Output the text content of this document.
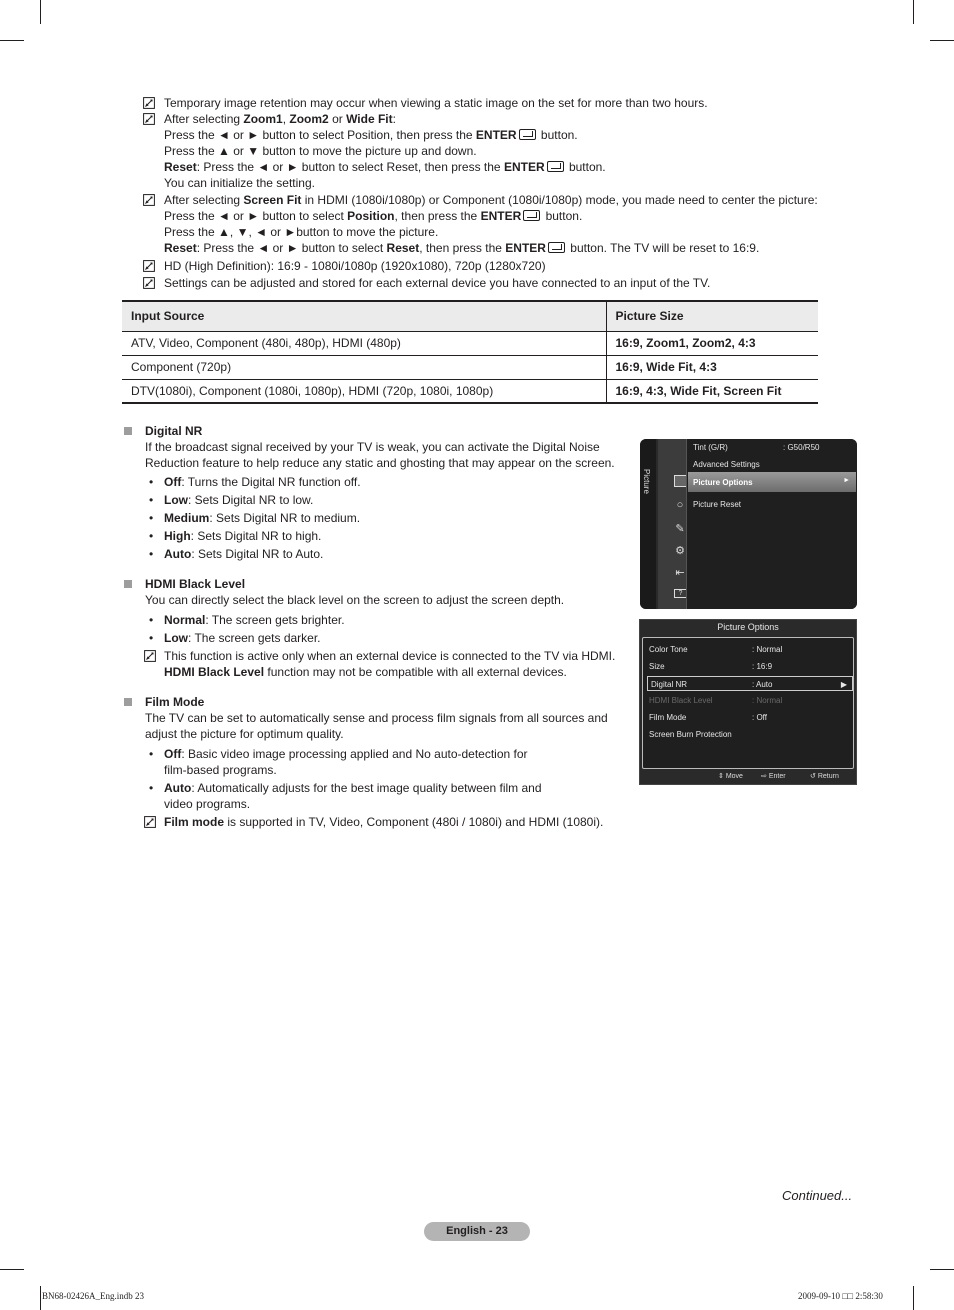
Temporary image retention may occur when viewing a static image on the set for more than two hours.
After selecting Zoom1, Zoom2 or Wide Fit:
Press the ◄ or ► button to select Position, then press the ENTER button.
Press the ▲ or ▼ button to move the picture up and down.
Reset: Press the ◄ or ► button to select Reset, then press the ENTER button.
You can initialize the setting.
After selecting Screen Fit in HDMI (1080i/1080p) or Component (1080i/1080p) mode, you made need to center the picture:
Press the ◄ or ► button to select Position, then press the ENTER button.
Press the ▲, ▼, ◄ or ►button to move the picture.
Reset: Press the ◄ or ► button to select Reset, then press the ENTER button. The TV will be reset to 16:9.
HD (High Definition): 16:9 - 1080i/1080p (1920x1080), 720p (1280x720)
Settings can be adjusted and stored for each external device you have connected to an input of the TV.
Input Source	Picture Size
ATV, Video, Component (480i, 480p), HDMI (480p)	16:9, Zoom1, Zoom2, 4:3
Component (720p)	16:9, Wide Fit, 4:3
DTV(1080i), Component (1080i, 1080p), HDMI (720p, 1080i, 1080p)	16:9, 4:3, Wide Fit, Screen Fit
Digital NR
If the broadcast signal received by your TV is weak, you can activate the Digital Noise
Reduction feature to help reduce any static and ghosting that may appear on the screen.
• Off: Turns the Digital NR function off.
• Low: Sets Digital NR to low.
• Medium: Sets Digital NR to medium.
• High: Sets Digital NR to high.
• Auto: Sets Digital NR to Auto.
HDMI Black Level
You can directly select the black level on the screen to adjust the screen depth.
• Normal: The screen gets brighter.
• Low: The screen gets darker.
This function is active only when an external device is connected to the TV via HDMI.
HDMI Black Level function may not be compatible with all external devices.
Film Mode
The TV can be set to automatically sense and process film signals from all sources and
adjust the picture for optimum quality.
• Off: Basic video image processing applied and No auto-detection for
film-based programs.
• Auto: Automatically adjusts for the best image quality between film and
video programs.
Film mode is supported in TV, Video, Component (480i / 1080i) and HDMI (1080i).
Picture
○
✎
⚙
⇤
?
Tint (G/R)	: G50/R50
Advanced Settings
Picture Options	►
Picture Reset
Picture Options
Color Tone	: Normal
Size	: 16:9
Digital NR	: Auto	▶
HDMI Black Level	: Normal
Film Mode	: Off
Screen Burn Protection
⇕ Move	⇨ Enter	↺ Return
Continued...
English - 23
BN68-02426A_Eng.indb 23	2009-09-10 □□ 2:58:30
